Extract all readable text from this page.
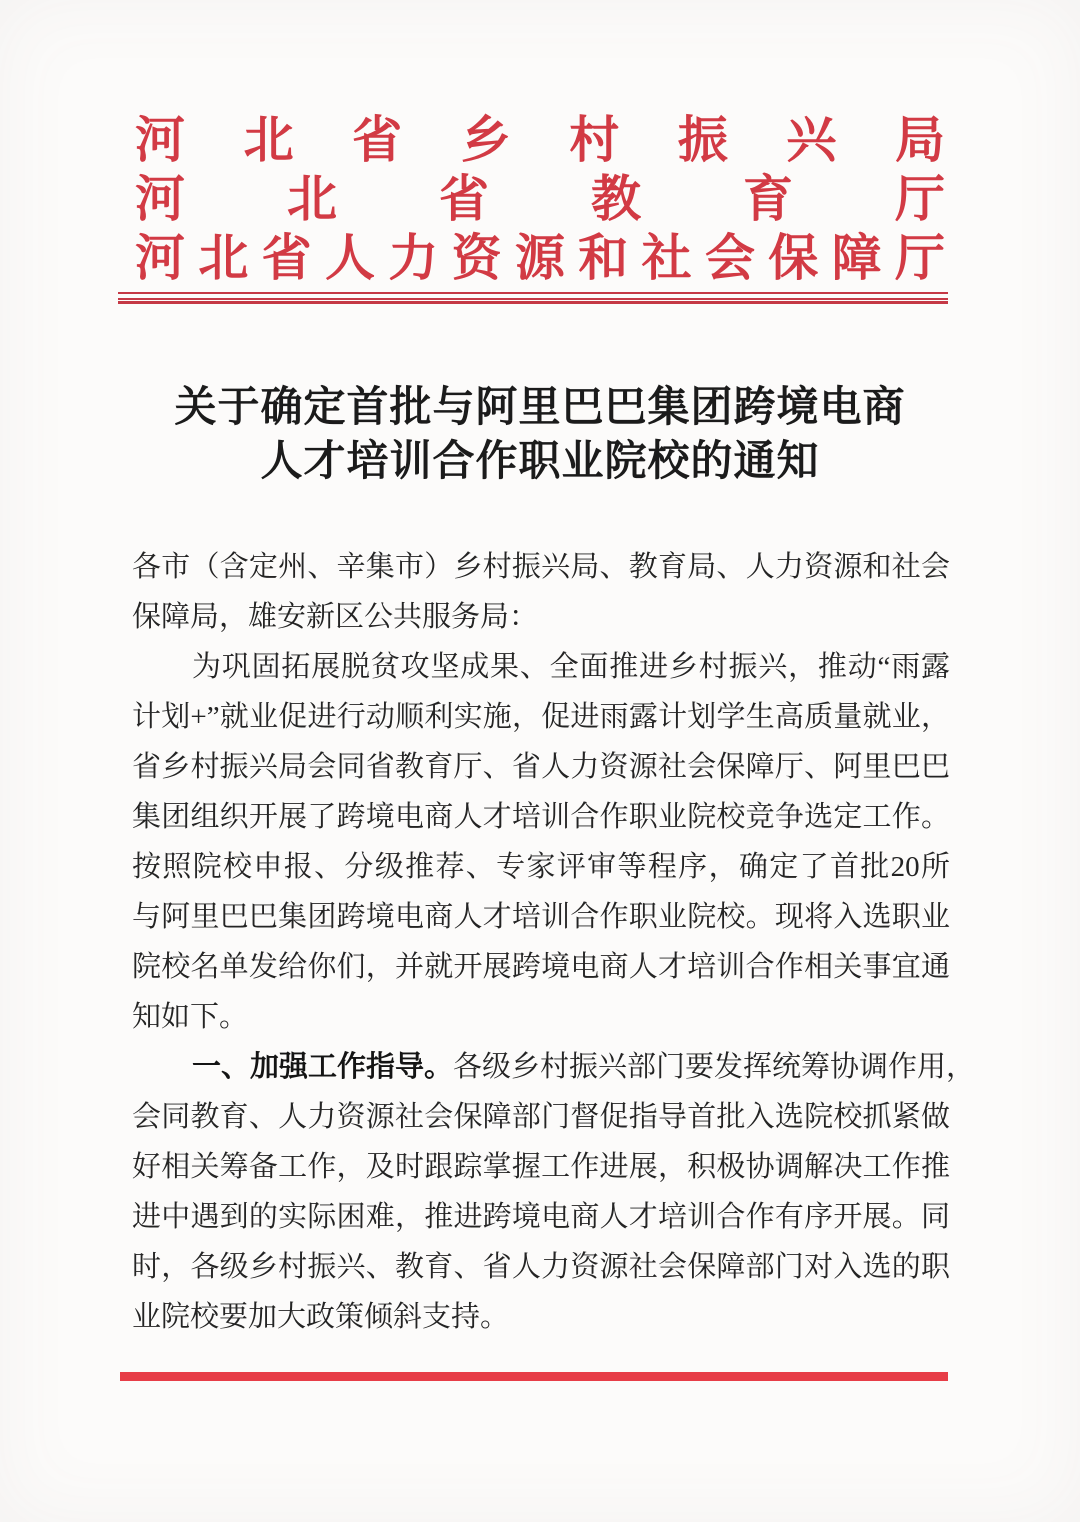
河 北 省 乡 村 振 兴 局
河 北 省 教 育 厅
河 北 省 人 力 资 源 和 社 会 保 障 厅
关于确定首批与阿里巴巴集团跨境电商
人才培训合作职业院校的通知
各市（含定州、辛集市）乡村振兴局、教育局、人力资源和社会
保障局，雄安新区公共服务局：
为巩固拓展脱贫攻坚成果、全面推进乡村振兴，推动“雨露
计划+”就业促进行动顺利实施，促进雨露计划学生高质量就业，
省乡村振兴局会同省教育厅、省人力资源社会保障厅、阿里巴巴
集团组织开展了跨境电商人才培训合作职业院校竞争选定工作。
按照院校申报、分级推荐、专家评审等程序，确定了首批20所
与阿里巴巴集团跨境电商人才培训合作职业院校。现将入选职业
院校名单发给你们，并就开展跨境电商人才培训合作相关事宜通
知如下。
一、加强工作指导。各级乡村振兴部门要发挥统筹协调作用，
会同教育、人力资源社会保障部门督促指导首批入选院校抓紧做
好相关筹备工作，及时跟踪掌握工作进展，积极协调解决工作推
进中遇到的实际困难，推进跨境电商人才培训合作有序开展。同
时，各级乡村振兴、教育、省人力资源社会保障部门对入选的职
业院校要加大政策倾斜支持。
